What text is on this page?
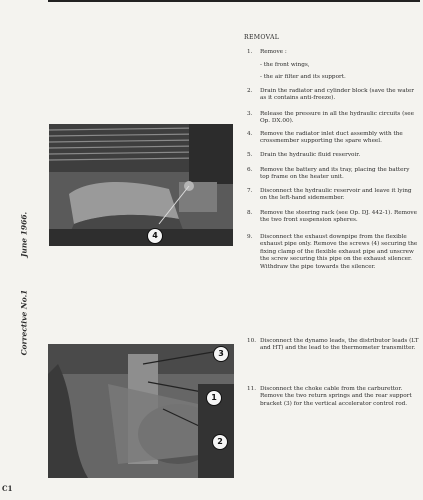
June 1966.
Corrective No.1
C1
4
3
1
2
REMOVAL
1.	Remove :
- the front wings,
- the air filter and its support.
2.	Drain the radiator and cylinder block (save the water as it contains anti-freeze).
3.	Release the pressure in all the hydraulic circuits (see Op. DX.00).
4.	Remove the radiator inlet duct assembly with the crossmember supporting the spare wheel.
5.	Drain the hydraulic fluid reservoir.
6.	Remove the battery and its tray, placing the battery top frame on the heater unit.
7.	Disconnect the hydraulic reservoir and leave it lying on the left-hand sidemember.
8.	Remove the steering rack (see Op. DJ. 442-1). Remove the two front suspension spheres.
9.	Disconnect the exhaust downpipe from the flexible exhaust pipe only. Remove the screws (4) securing the fixing clamp of the flexible exhaust pipe and unscrew the screw securing this pipe on the exhaust silencer. Withdraw the pipe towards the silencer.
10. Disconnect the dynamo leads, the distributor leads (LT and HT) and the lead to the thermometer transmitter.
11. Disconnect the choke cable from the carburettor. Remove the two return springs and the rear support bracket (3) for the vertical accelerator control rod.
